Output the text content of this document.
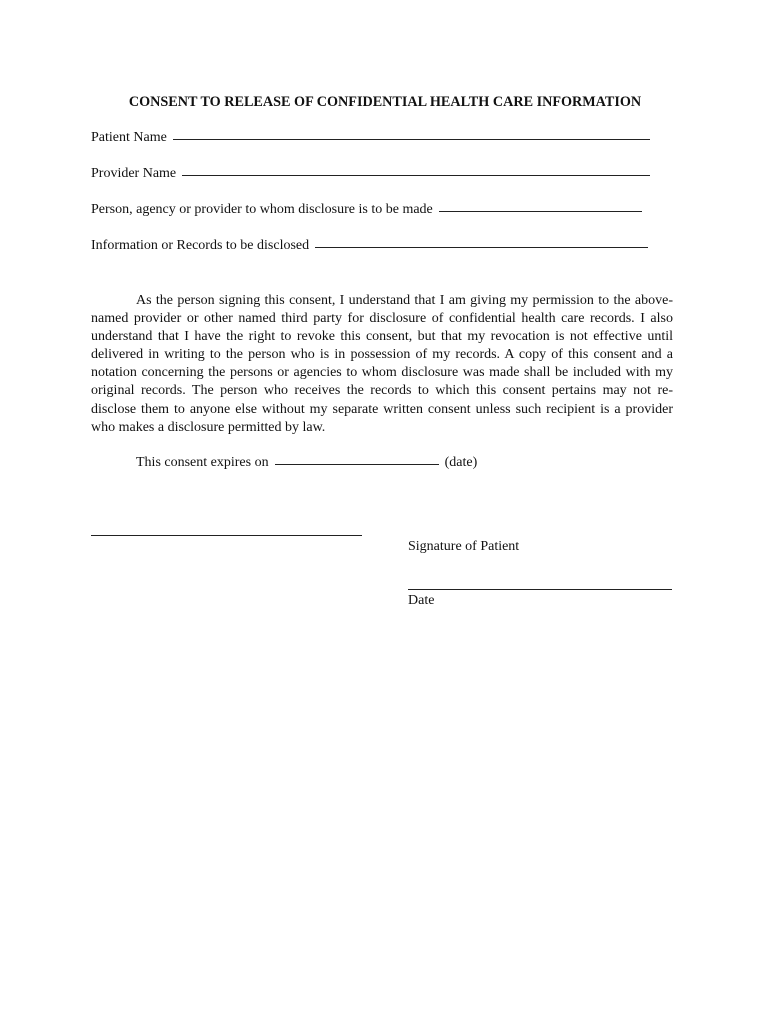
CONSENT TO RELEASE OF CONFIDENTIAL HEALTH CARE INFORMATION
Patient Name
Provider Name
Person, agency or provider to whom disclosure is to be made
Information or Records to be disclosed
As the person signing this consent, I understand that I am giving my permission to the above-named provider or other named third party for disclosure of confidential health care records. I also understand that I have the right to revoke this consent, but that my revocation is not effective until delivered in writing to the person who is in possession of my records. A copy of this consent and a notation concerning the persons or agencies to whom disclosure was made shall be included with my original records. The person who receives the records to which this consent pertains may not re-disclose them to anyone else without my separate written consent unless such recipient is a provider who makes a disclosure permitted by law.
This consent expires on	(date)
Signature of Patient
Date
